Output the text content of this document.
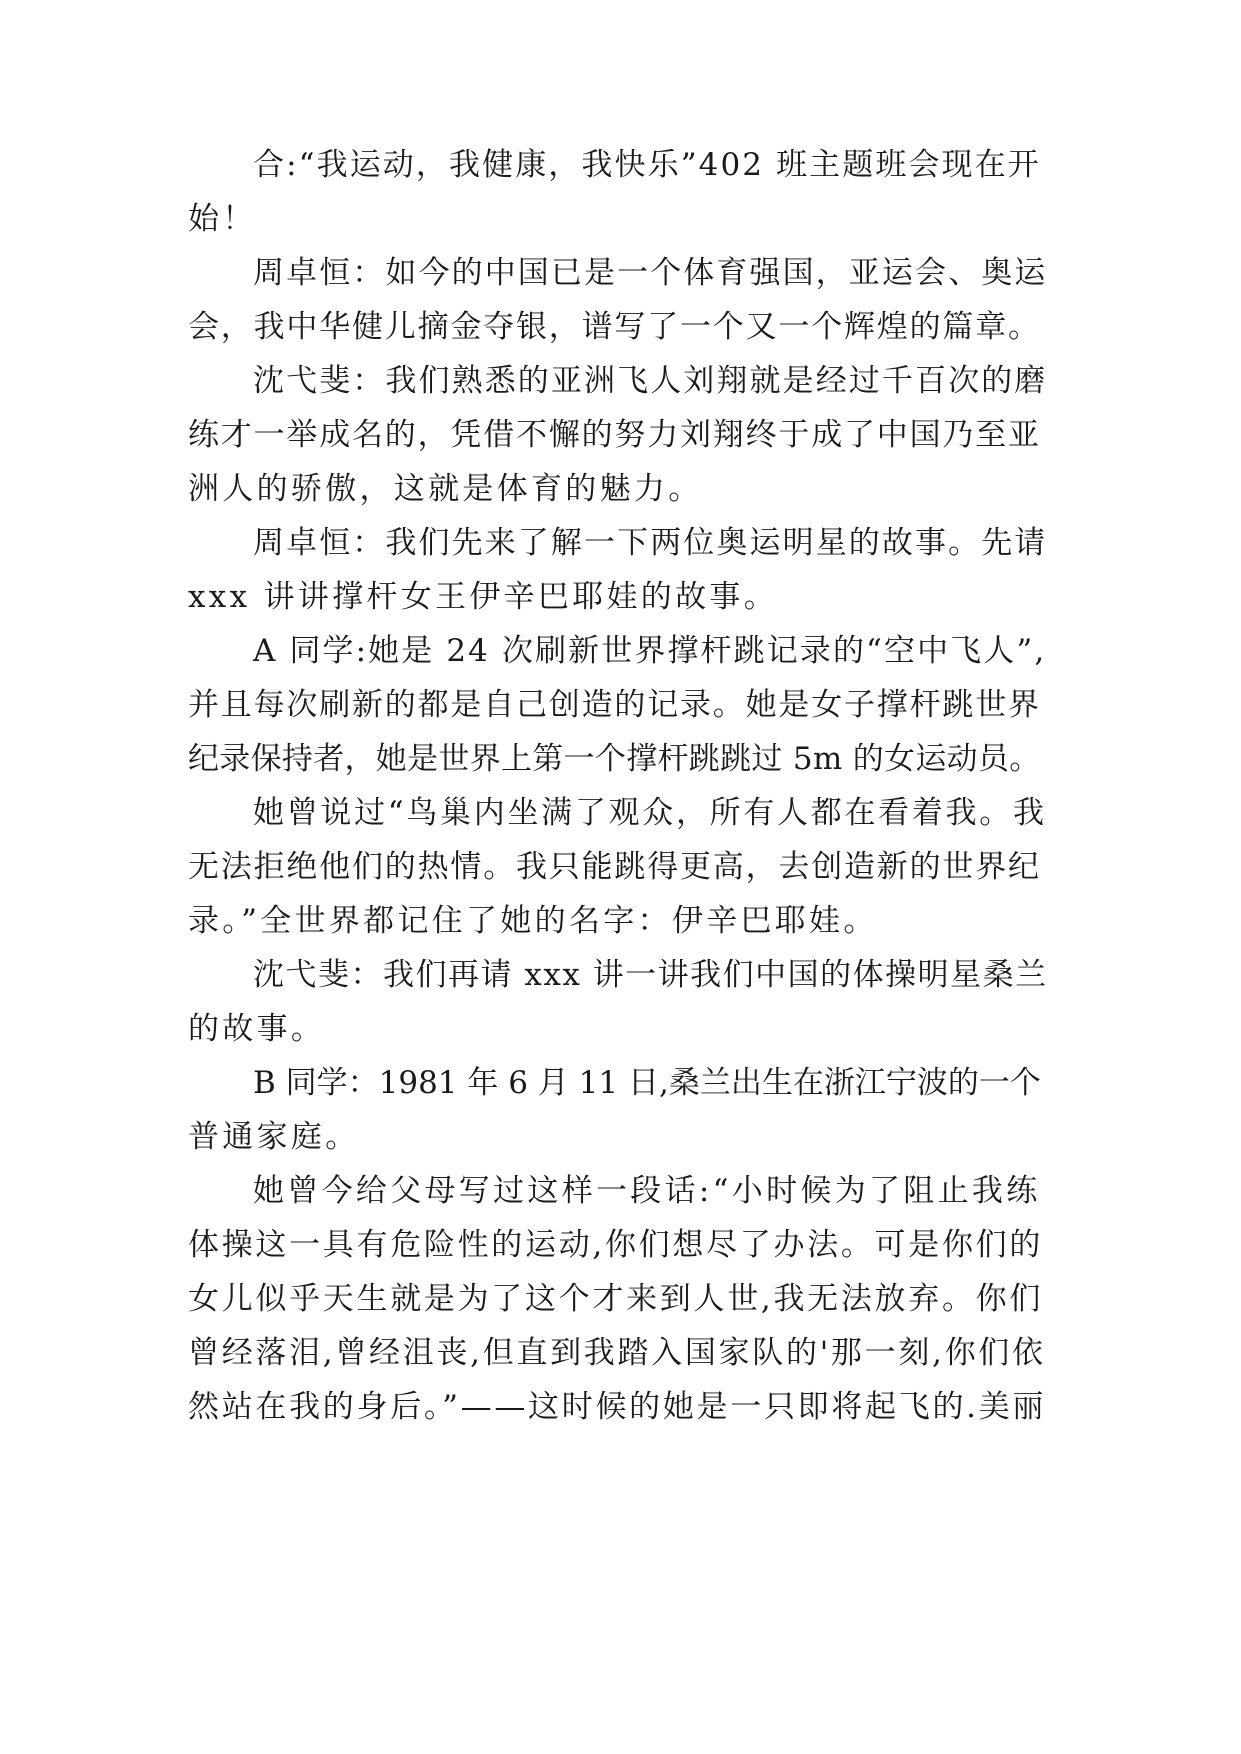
合:“我运动，我健康，我快乐”402 班主题班会现在开
始！
周卓恒：如今的中国已是一个体育强国，亚运会、奥运
会，我中华健儿摘金夺银，谱写了一个又一个辉煌的篇章。
沈弋斐：我们熟悉的亚洲飞人刘翔就是经过千百次的磨
练才一举成名的，凭借不懈的努力刘翔终于成了中国乃至亚
洲人的骄傲，这就是体育的魅力。
周卓恒：我们先来了解一下两位奥运明星的故事。先请
xxx 讲讲撑杆女王伊辛巴耶娃的故事。
A 同学:她是 24 次刷新世界撑杆跳记录的“空中飞人”,
并且每次刷新的都是自己创造的记录。她是女子撑杆跳世界
纪录保持者，她是世界上第一个撑杆跳跳过 5m 的女运动员。
她曾说过“鸟巢内坐满了观众，所有人都在看着我。我
无法拒绝他们的热情。我只能跳得更高，去创造新的世界纪
录。”全世界都记住了她的名字：伊辛巴耶娃。
沈弋斐：我们再请 xxx 讲一讲我们中国的体操明星桑兰
的故事。
B 同学：1981 年 6 月 11 日,桑兰出生在浙江宁波的一个
普通家庭。
她曾今给父母写过这样一段话:“小时候为了阻止我练
体操这一具有危险性的运动,你们想尽了办法。可是你们的
女儿似乎天生就是为了这个才来到人世,我无法放弃。你们
曾经落泪,曾经沮丧,但直到我踏入国家队的'那一刻,你们依
然站在我的身后。”——这时候的她是一只即将起飞的.美丽
